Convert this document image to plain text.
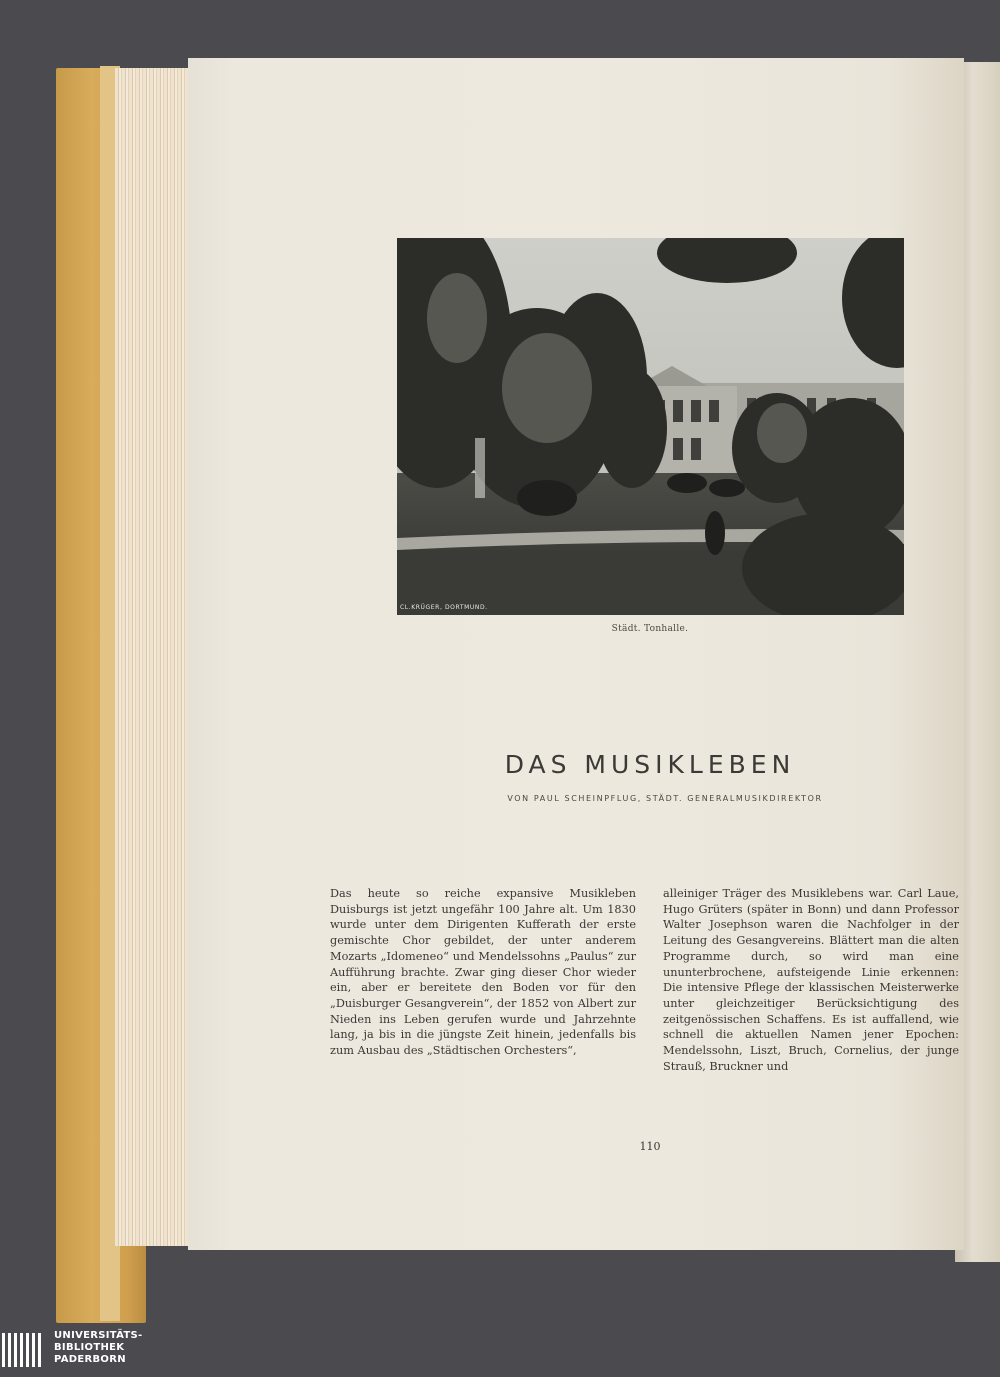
CL.KRÜGER, DORTMUND.
Städt. Tonhalle.
DAS MUSIKLEBEN
VON PAUL SCHEINPFLUG, STÄDT. GENERALMUSIKDIREKTOR
Das heute so reiche expansive Musikleben Duisburgs ist jetzt ungefähr 100 Jahre alt. Um 1830 wurde unter dem Dirigenten Kufferath der erste gemischte Chor gebildet, der unter anderem Mozarts „Idomeneo“ und Mendelssohns „Paulus“ zur Aufführung brachte. Zwar ging dieser Chor wieder ein, aber er bereitete den Boden vor für den „Duisburger Gesangverein“, der 1852 von Albert zur Nieden ins Leben gerufen wurde und Jahrzehnte lang, ja bis in die jüngste Zeit hinein, jedenfalls bis zum Ausbau des „Städtischen Orchesters“,
alleiniger Träger des Musiklebens war. Carl Laue, Hugo Grüters (später in Bonn) und dann Professor Walter Josephson waren die Nachfolger in der Leitung des Gesangvereins. Blättert man die alten Programme durch, so wird man eine ununterbrochene, aufsteigende Linie erkennen: Die intensive Pflege der klassischen Meisterwerke unter gleichzeitiger Berücksichtigung des zeitgenössischen Schaffens. Es ist auffallend, wie schnell die aktuellen Namen jener Epochen: Mendelssohn, Liszt, Bruch, Cornelius, der junge Strauß, Bruckner und
110
UNIVERSITÄTS-
BIBLIOTHEK
PADERBORN
